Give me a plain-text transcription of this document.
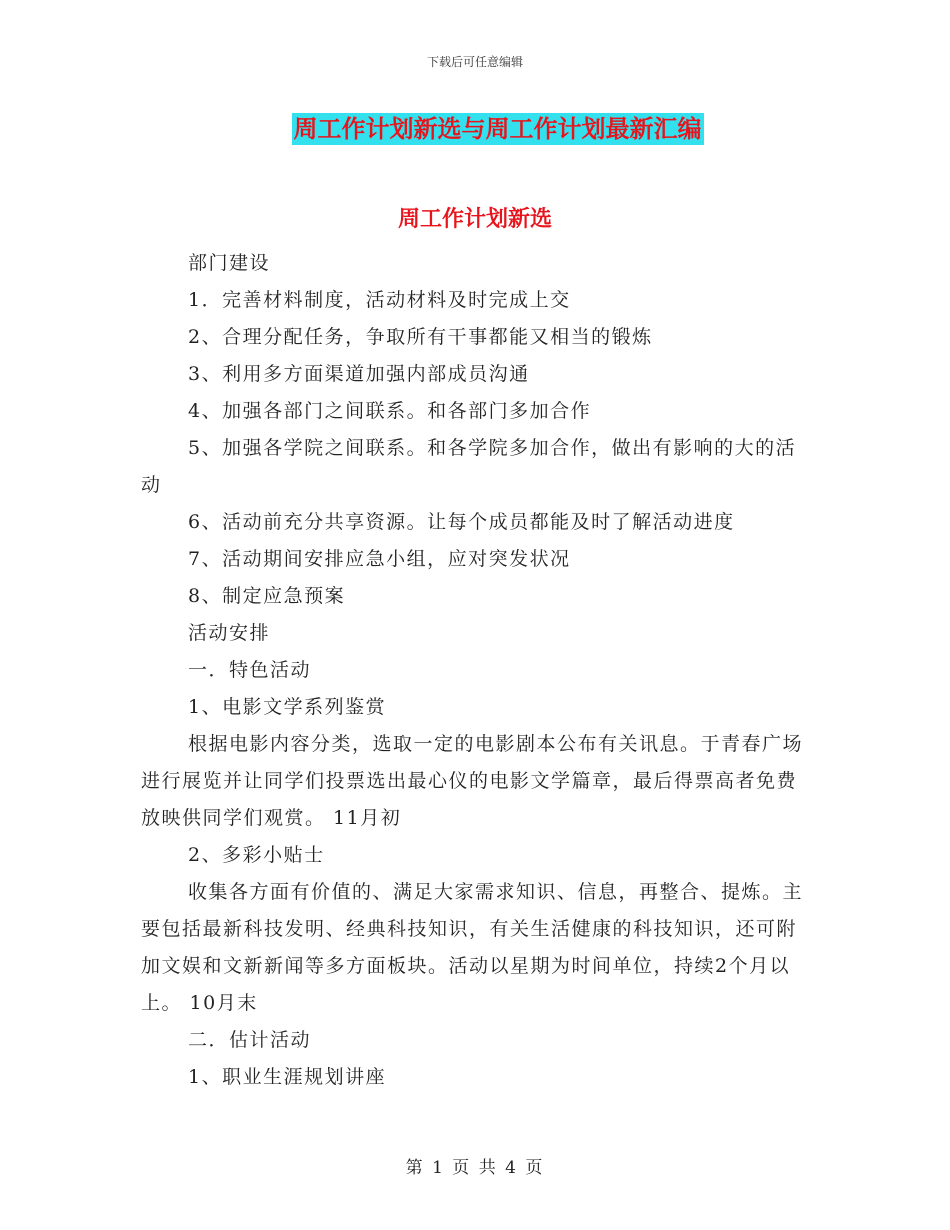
下载后可任意编辑
周工作计划新选与周工作计划最新汇编
周工作计划新选

部门建设

1．完善材料制度，活动材料及时完成上交

2、合理分配任务，争取所有干事都能又相当的锻炼

3、利用多方面渠道加强内部成员沟通

4、加强各部门之间联系。和各部门多加合作

5、加强各学院之间联系。和各学院多加合作，做出有影响的大的活动

6、活动前充分共享资源。让每个成员都能及时了解活动进度

7、活动期间安排应急小组，应对突发状况

8、制定应急预案

活动安排

一．特色活动

1、电影文学系列鉴赏

根据电影内容分类，选取一定的电影剧本公布有关讯息。于青春广场进行展览并让同学们投票选出最心仪的电影文学篇章，最后得票高者免费放映供同学们观赏。 11月初

2、多彩小贴士

收集各方面有价值的、满足大家需求知识、信息，再整合、提炼。主要包括最新科技发明、经典科技知识，有关生活健康的科技知识，还可附加文娱和文新新闻等多方面板块。活动以星期为时间单位，持续2个月以上。 10月末

二．估计活动

1、职业生涯规划讲座

第 1 页 共 4 页
